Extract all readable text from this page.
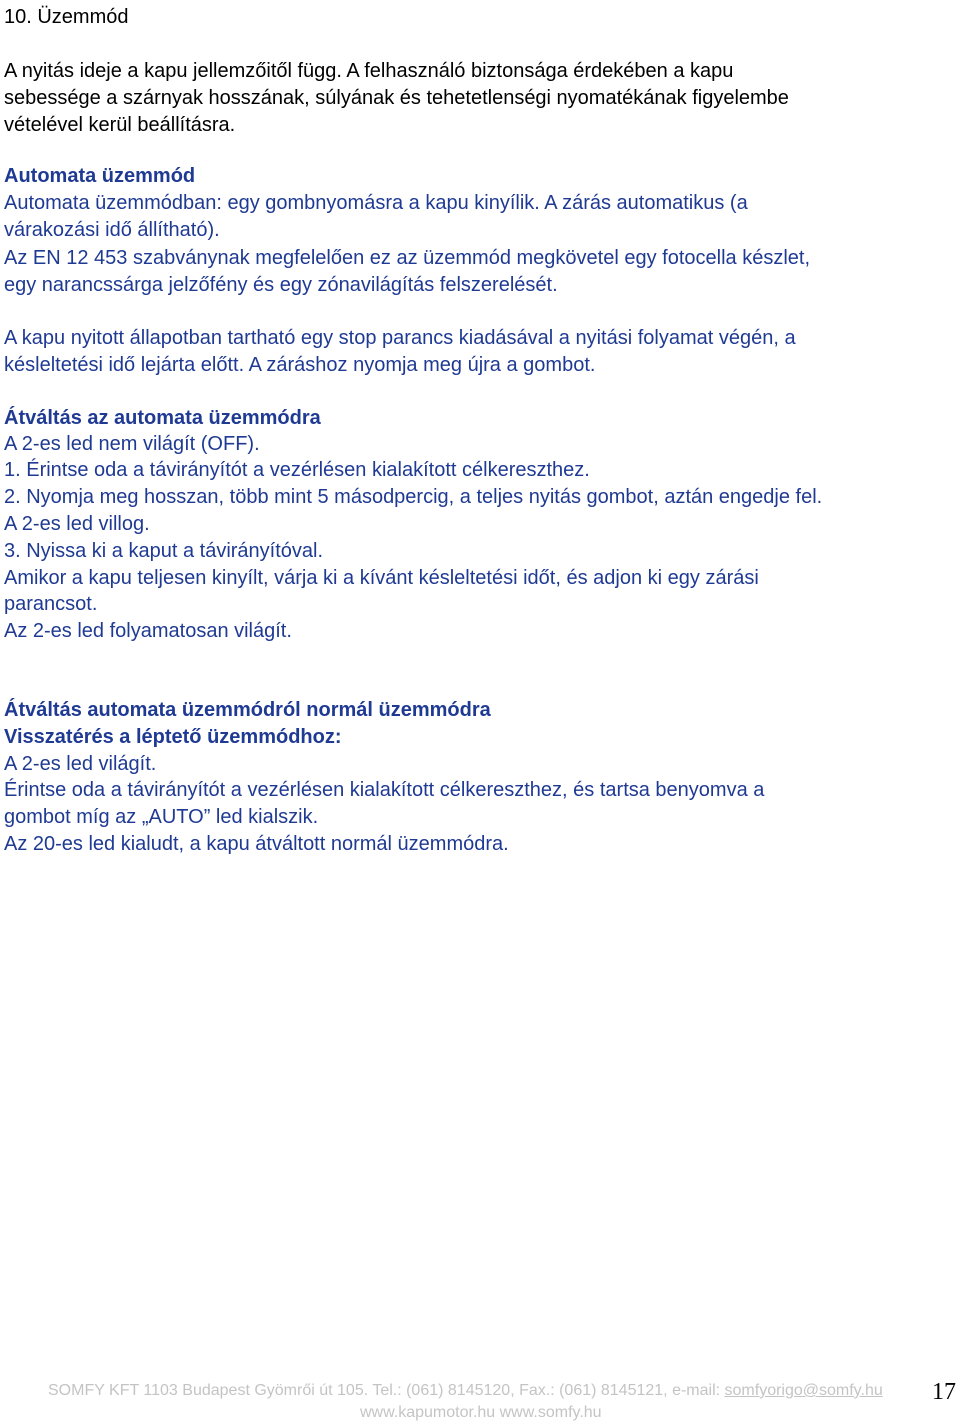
10. Üzemmód

A nyitás ideje a kapu jellemzőitől függ. A felhasználó biztonsága érdekében a kapu

sebessége a szárnyak hosszának, súlyának és tehetetlenségi nyomatékának figyelembe

vételével kerül beállításra.

Automata üzemmód

Automata üzemmódban: egy gombnyomásra a kapu kinyílik. A zárás automatikus (a

várakozási idő állítható).

Az EN 12 453 szabványnak megfelelően ez az üzemmód megkövetel egy fotocella készlet,

egy narancssárga jelzőfény és egy zónavilágítás felszerelését.

A kapu nyitott állapotban tartható egy stop parancs kiadásával a nyitási folyamat végén, a

késleltetési idő lejárta előtt. A záráshoz nyomja meg újra a gombot.

Átváltás az automata üzemmódra

A 2-es led nem világít (OFF).

1. Érintse oda a távirányítót a vezérlésen kialakított célkereszthez.

2. Nyomja meg hosszan, több mint 5 másodpercig, a teljes nyitás gombot, aztán engedje fel.

A 2-es led villog.

3. Nyissa ki a kaput a távirányítóval.

Amikor a kapu teljesen kinyílt, várja ki a kívánt késleltetési időt, és adjon ki egy zárási

parancsot.

Az 2-es led folyamatosan világít.

Átváltás automata üzemmódról normál üzemmódra

Visszatérés a léptető üzemmódhoz:

A 2-es led világít.

Érintse oda a távirányítót a vezérlésen kialakított célkereszthez, és tartsa benyomva a

gombot míg az „AUTO” led kialszik.

Az 20-es led kialudt, a kapu átváltott normál üzemmódra.

SOMFY KFT 1103 Budapest Gyömrői út 105. Tel.: (061) 8145120, Fax.: (061) 8145121, e-mail: somfyorigo@somfy.hu
www.kapumotor.hu www.somfy.hu
17
